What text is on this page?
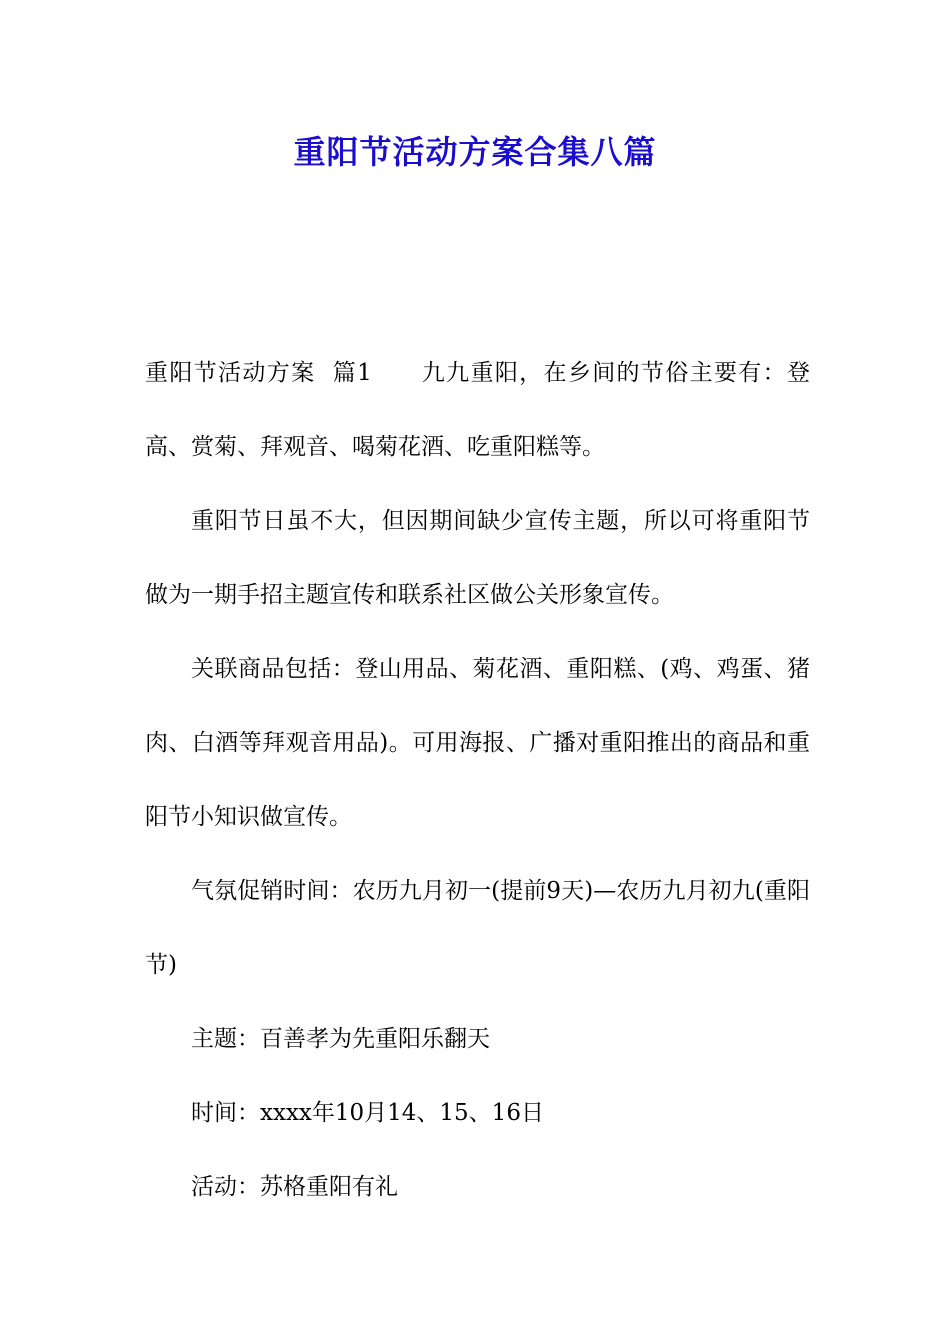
重阳节活动方案合集八篇

重阳节活动方案  篇1　　九九重阳，在乡间的节俗主要有：登高、赏菊、拜观音、喝菊花酒、吃重阳糕等。

重阳节日虽不大，但因期间缺少宣传主题，所以可将重阳节做为一期手招主题宣传和联系社区做公关形象宣传。

关联商品包括：登山用品、菊花酒、重阳糕、(鸡、鸡蛋、猪肉、白酒等拜观音用品)。可用海报、广播对重阳推出的商品和重阳节小知识做宣传。

气氛促销时间：农历九月初一(提前9天)—农历九月初九(重阳节)

主题：百善孝为先重阳乐翻天

时间：xxxx年10月14、15、16日

活动：苏格重阳有礼
